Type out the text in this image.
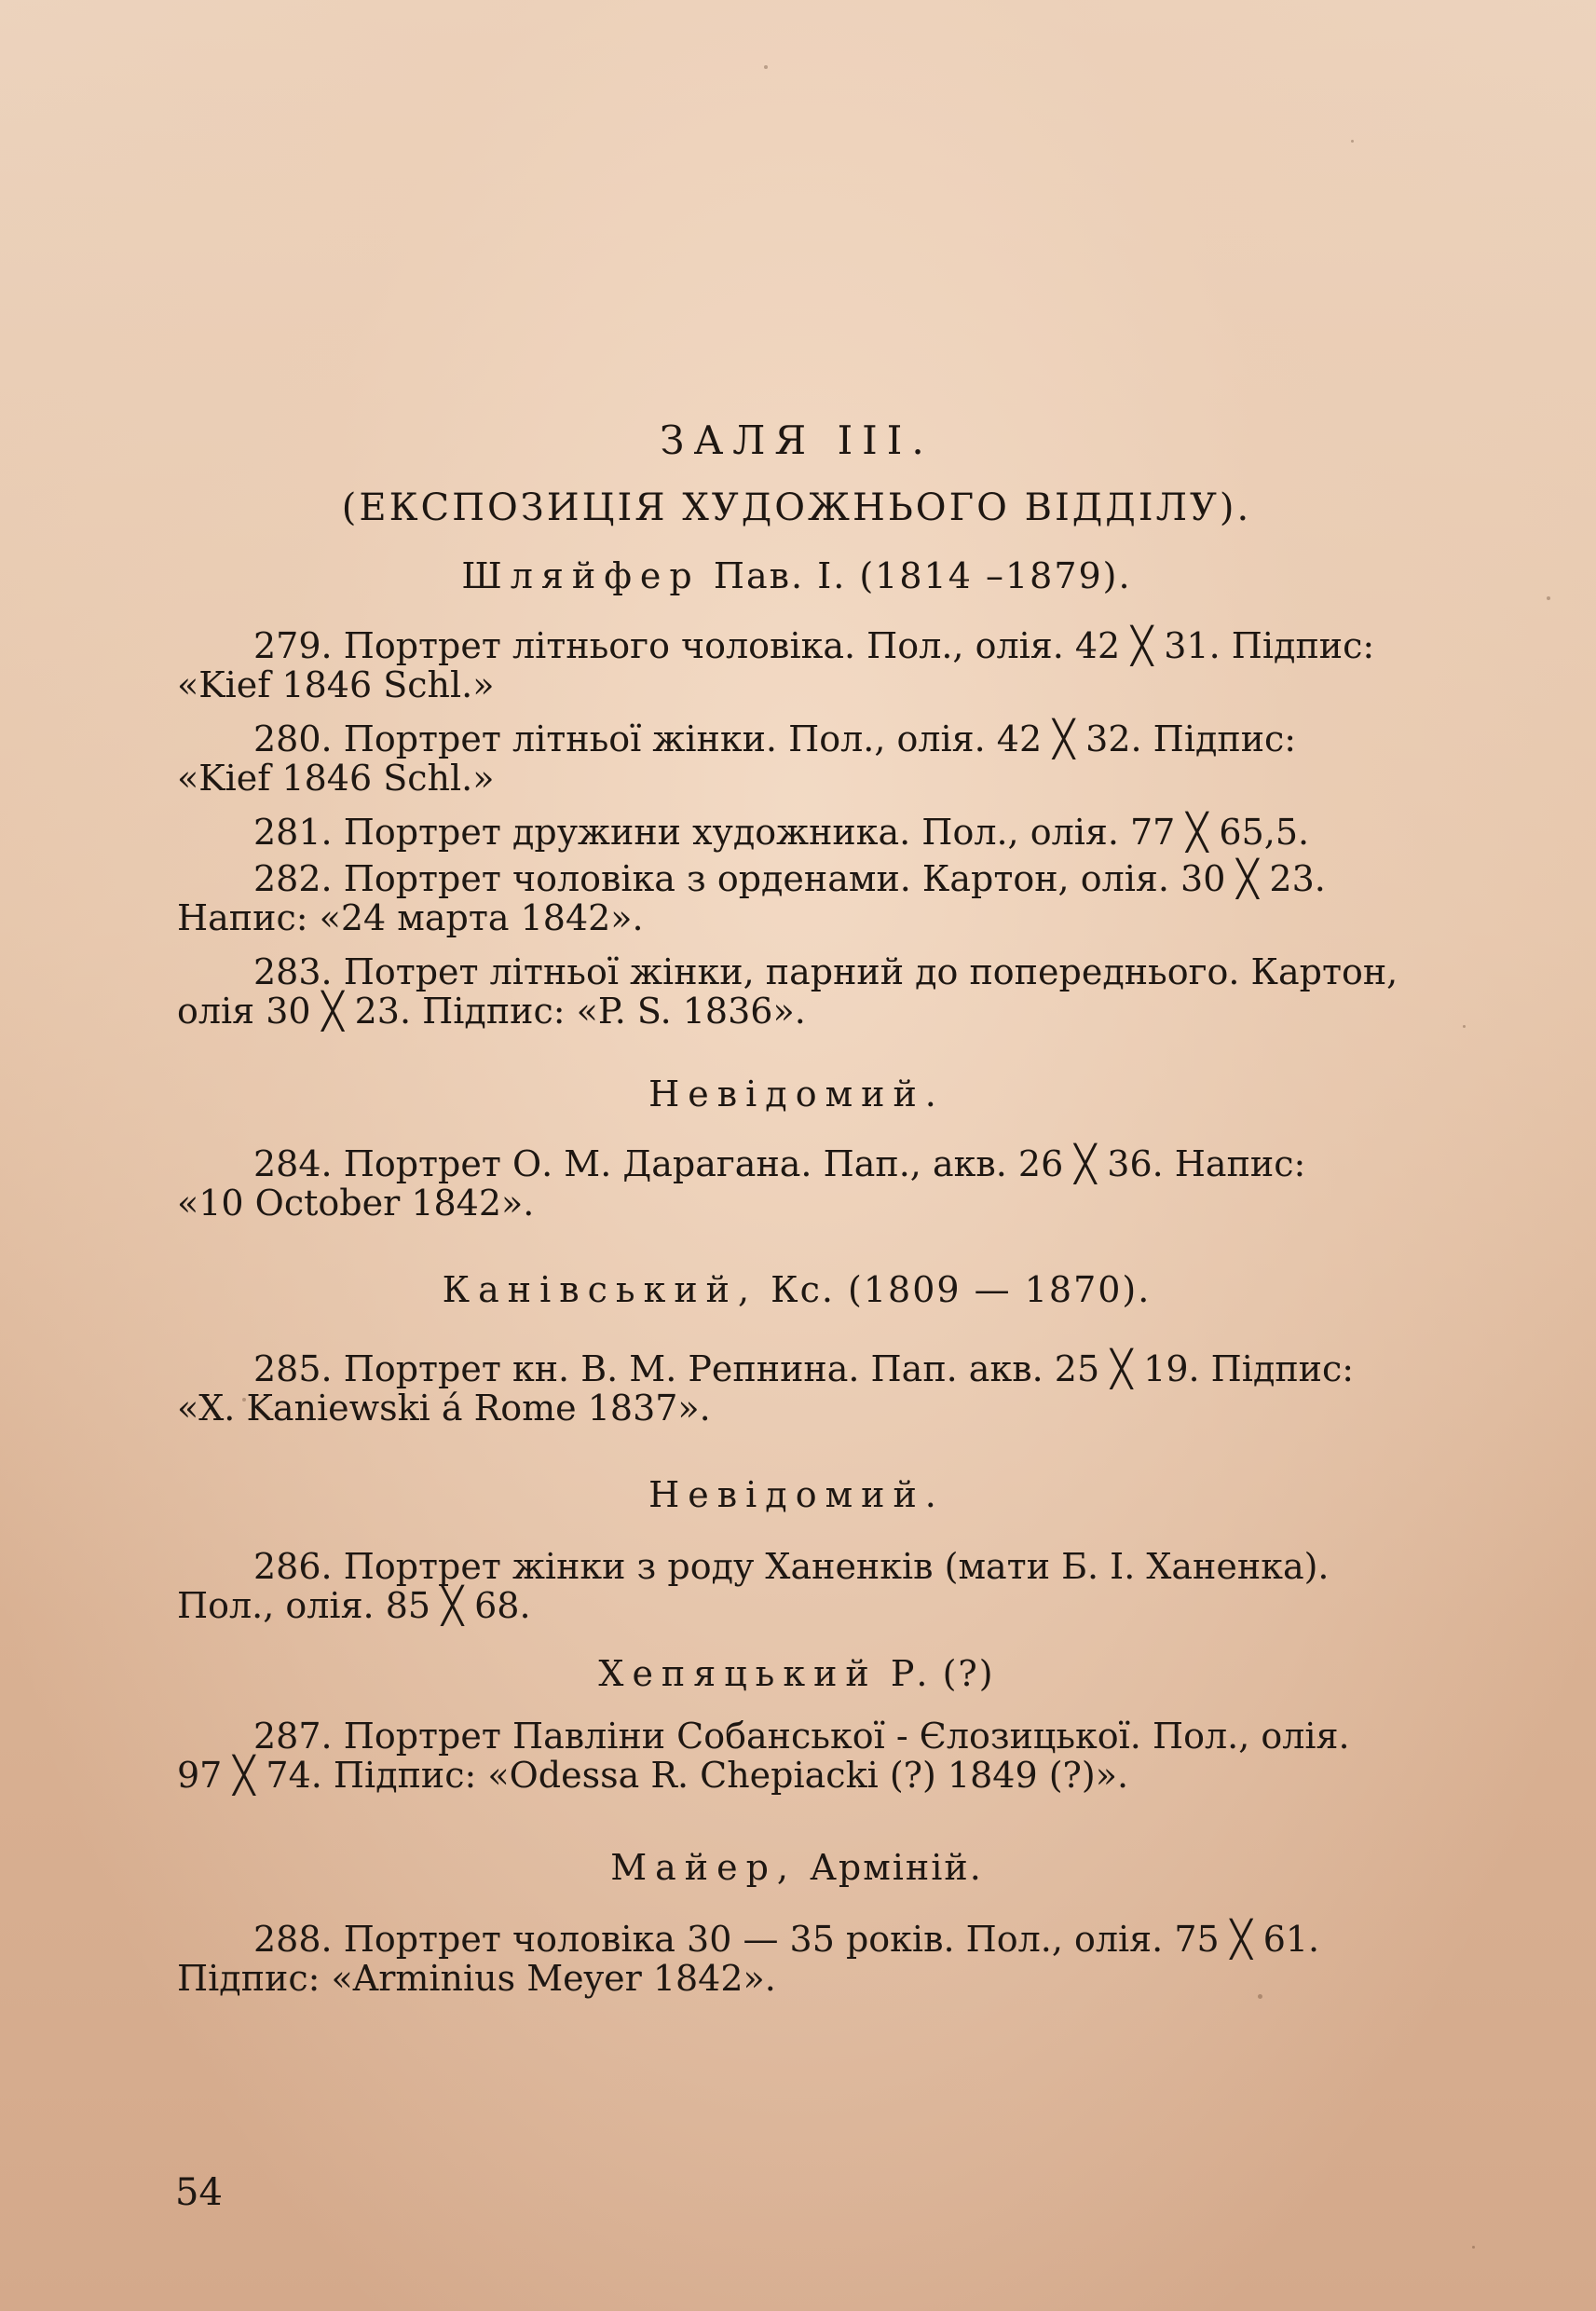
ЗАЛЯ III.
(ЕКСПОЗИЦІЯ ХУДОЖНЬОГО ВІДДІЛУ).
Шляйфер Пав. І. (1814 –1879).
279. Портрет літнього чоловіка. Пол., олія. 42 ╳ 31. Підпис:
«Kief 1846 Schl.»
280. Портрет літньої жінки. Пол., олія. 42 ╳ 32. Підпис:
«Kief 1846 Schl.»
281. Портрет дружини художника. Пол., олія. 77 ╳ 65,5.
282. Портрет чоловіка з орденами. Картон, олія. 30 ╳ 23.
Напис: «24 марта 1842».
283. Потрет літньої жінки, парний до попереднього. Картон,
олія 30 ╳ 23. Підпис: «P. S. 1836».
Невідомий.
284. Портрет О. М. Дарагана. Пап., акв. 26 ╳ 36. Напис:
«10 October 1842».
Канівський, Кс. (1809 — 1870).
285. Портрет кн. В. М. Репнина. Пап. акв. 25 ╳ 19. Підпис:
«X. Kaniewski á Rome 1837».
Невідомий.
286. Портрет жінки з роду Ханенків (мати Б. І. Ханенка).
Пол., олія. 85 ╳ 68.
Хепяцький Р. (?)
287. Портрет Павліни Собанської - Єлозицької. Пол., олія.
97 ╳ 74. Підпис: «Odessa R. Chepiacki (?) 1849 (?)».
Майер, Арміній.
288. Портрет чоловіка 30 — 35 років. Пол., олія. 75 ╳ 61.
Підпис: «Arminius Meyer 1842».
54
